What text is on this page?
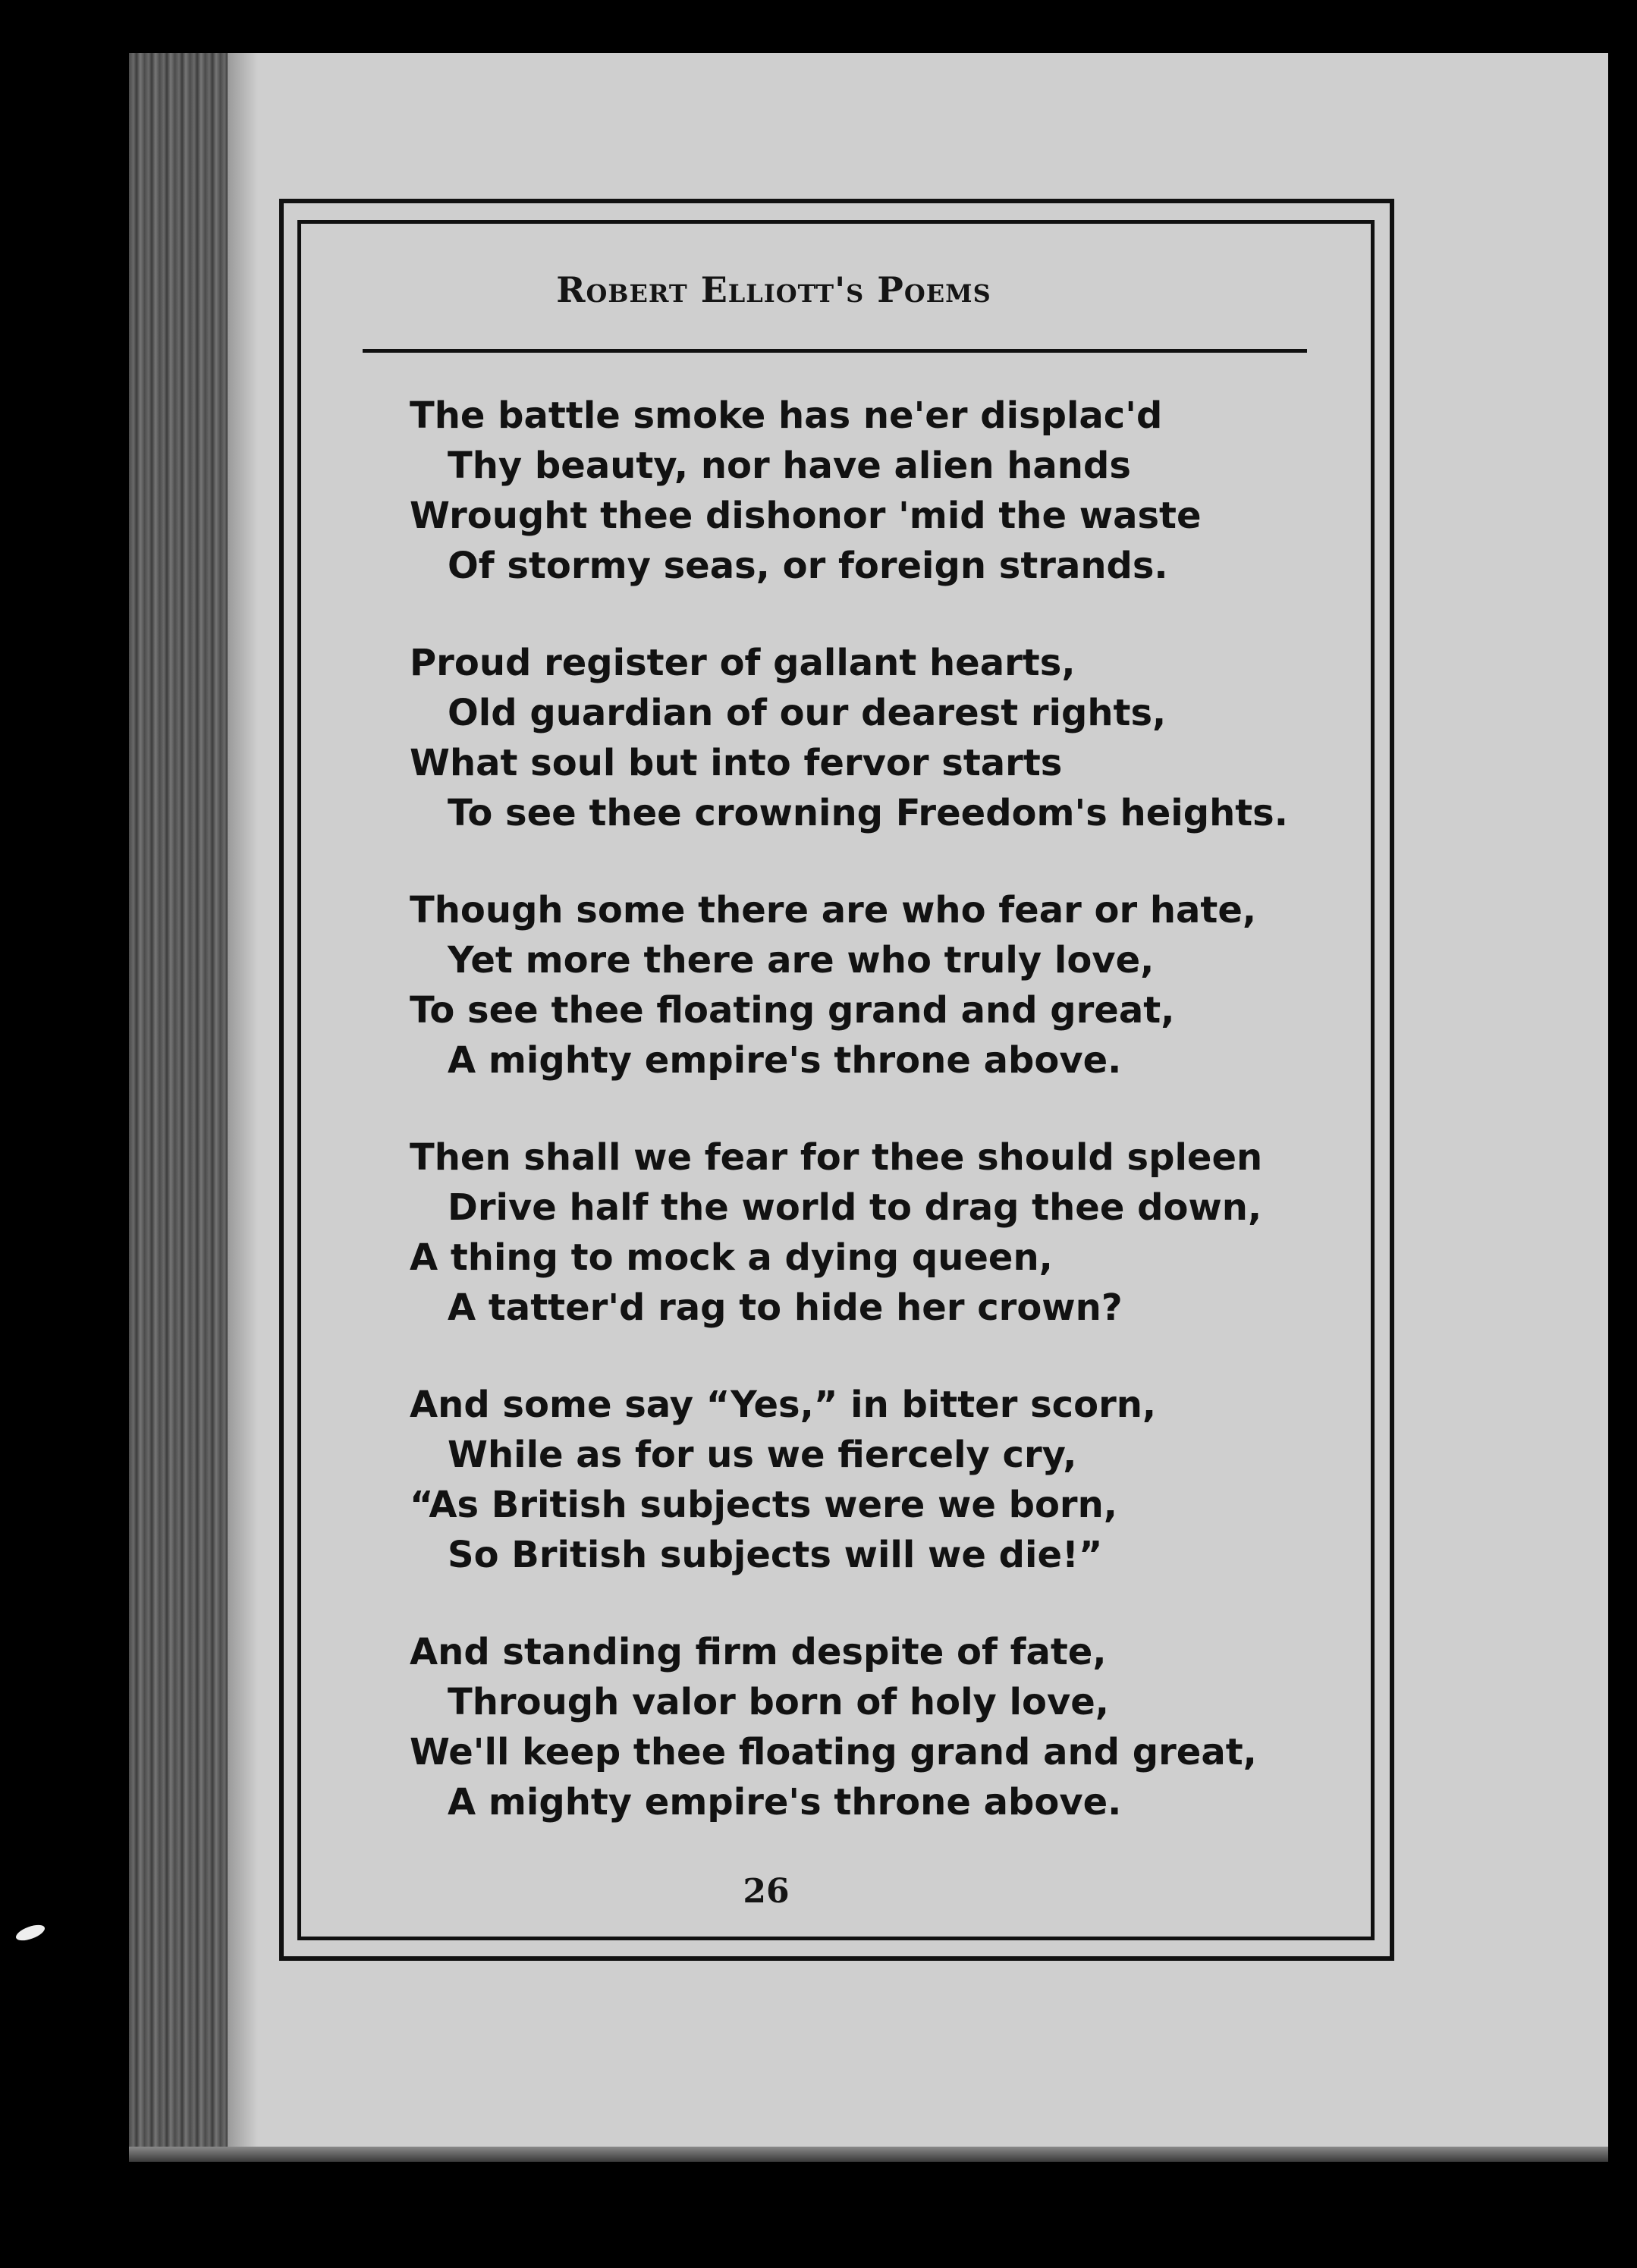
Robert Elliott's Poems
The battle smoke has ne'er displac'd
Thy beauty, nor have alien hands
Wrought thee dishonor 'mid the waste
Of stormy seas, or foreign strands.
Proud register of gallant hearts,
Old guardian of our dearest rights,
What soul but into fervor starts
To see thee crowning Freedom's heights.
Though some there are who fear or hate,
Yet more there are who truly love,
To see thee floating grand and great,
A mighty empire's throne above.
Then shall we fear for thee should spleen
Drive half the world to drag thee down,
A thing to mock a dying queen,
A tatter'd rag to hide her crown?
And some say “Yes,” in bitter scorn,
While as for us we fiercely cry,
“As British subjects were we born,
So British subjects will we die!”
And standing firm despite of fate,
Through valor born of holy love,
We'll keep thee floating grand and great,
A mighty empire's throne above.
26
